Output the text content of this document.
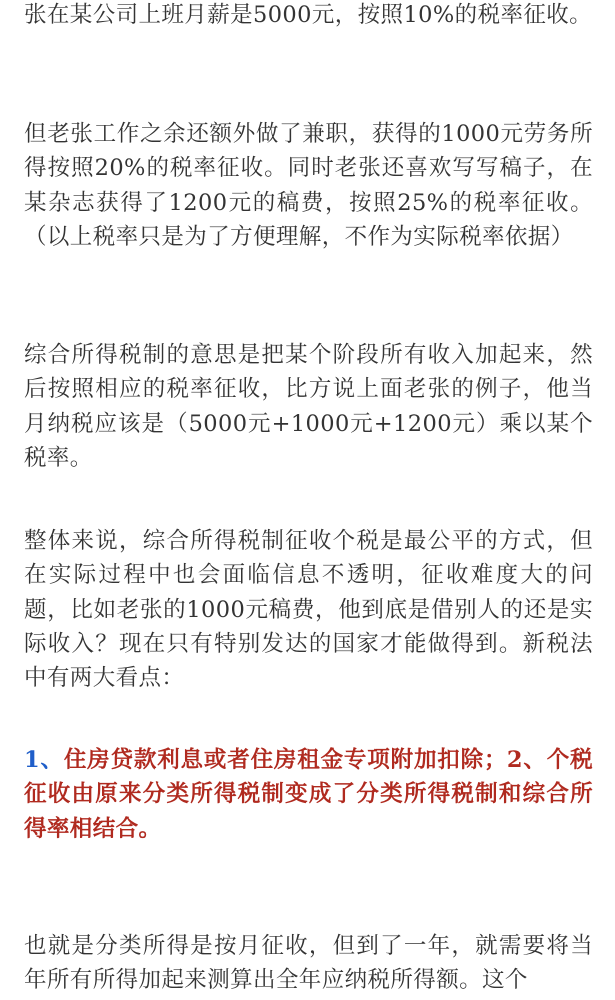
张在某公司上班月薪是5000元，按照10%的税率征收。

但老张工作之余还额外做了兼职，获得的1000元劳务所得按照20%的税率征收。同时老张还喜欢写写稿子，在某杂志获得了1200元的稿费，按照25%的税率征收。（以上税率只是为了方便理解，不作为实际税率依据）

综合所得税制的意思是把某个阶段所有收入加起来，然后按照相应的税率征收，比方说上面老张的例子，他当月纳税应该是（5000元+1000元+1200元）乘以某个税率。

整体来说，综合所得税制征收个税是最公平的方式，但在实际过程中也会面临信息不透明，征收难度大的问题，比如老张的1000元稿费，他到底是借别人的还是实际收入？现在只有特别发达的国家才能做得到。新税法中有两大看点：

1、住房贷款利息或者住房租金专项附加扣除；2、个税征收由原来分类所得税制变成了分类所得税制和综合所得率相结合。

也就是分类所得是按月征收，但到了一年，就需要将当年所有所得加起来测算出全年应纳税所得额。这个
